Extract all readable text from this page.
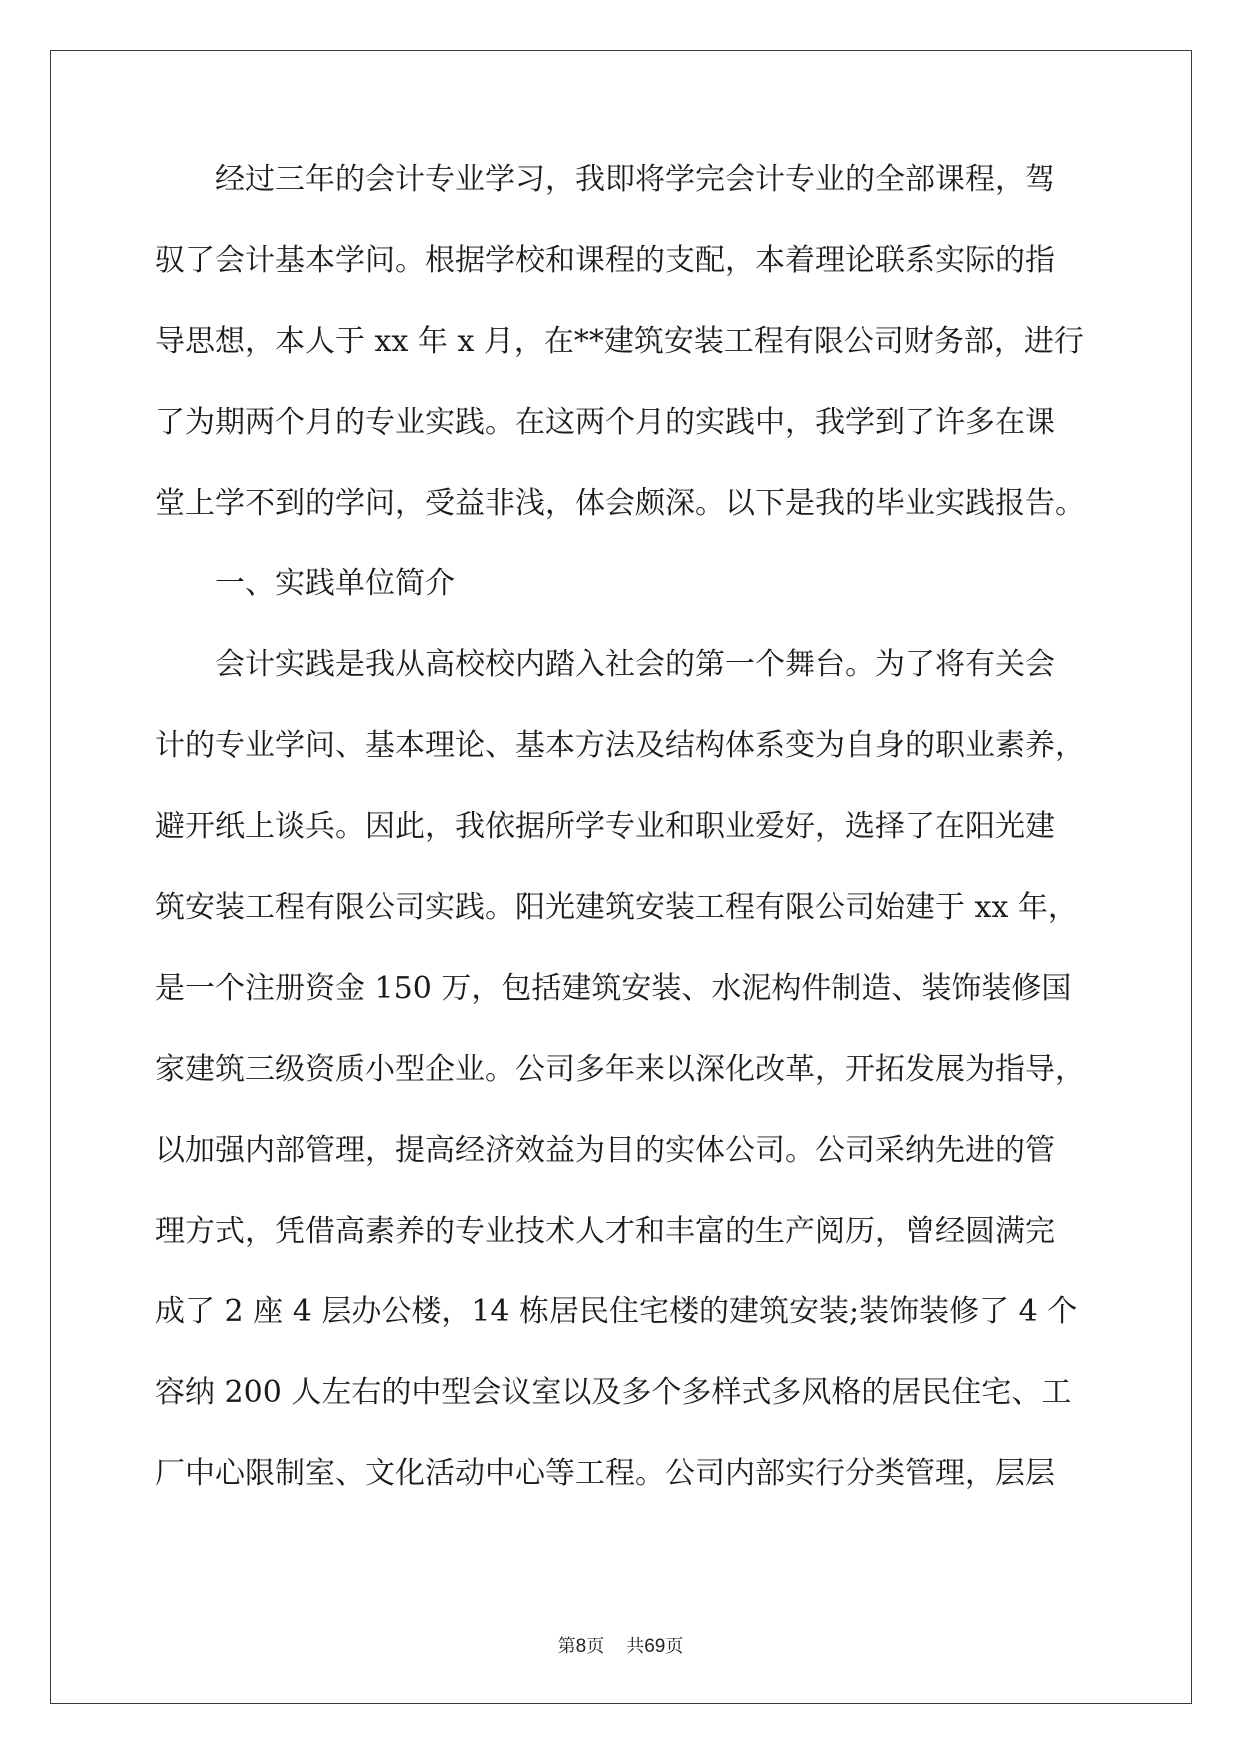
经过三年的会计专业学习，我即将学完会计专业的全部课程，驾
驭了会计基本学问。根据学校和课程的支配，本着理论联系实际的指
导思想，本人于 xx 年 x 月，在**建筑安装工程有限公司财务部，进行
了为期两个月的专业实践。在这两个月的实践中，我学到了许多在课
堂上学不到的学问，受益非浅，体会颇深。以下是我的毕业实践报告。
一、实践单位简介
会计实践是我从高校校内踏入社会的第一个舞台。为了将有关会
计的专业学问、基本理论、基本方法及结构体系变为自身的职业素养，
避开纸上谈兵。因此，我依据所学专业和职业爱好，选择了在阳光建
筑安装工程有限公司实践。阳光建筑安装工程有限公司始建于 xx 年，
是一个注册资金 150 万，包括建筑安装、水泥构件制造、装饰装修国
家建筑三级资质小型企业。公司多年来以深化改革，开拓发展为指导，
以加强内部管理，提高经济效益为目的实体公司。公司采纳先进的管
理方式，凭借高素养的专业技术人才和丰富的生产阅历，曾经圆满完
成了 2 座 4 层办公楼，14 栋居民住宅楼的建筑安装;装饰装修了 4 个
容纳 200 人左右的中型会议室以及多个多样式多风格的居民住宅、工
厂中心限制室、文化活动中心等工程。公司内部实行分类管理，层层
第8页 共69页
